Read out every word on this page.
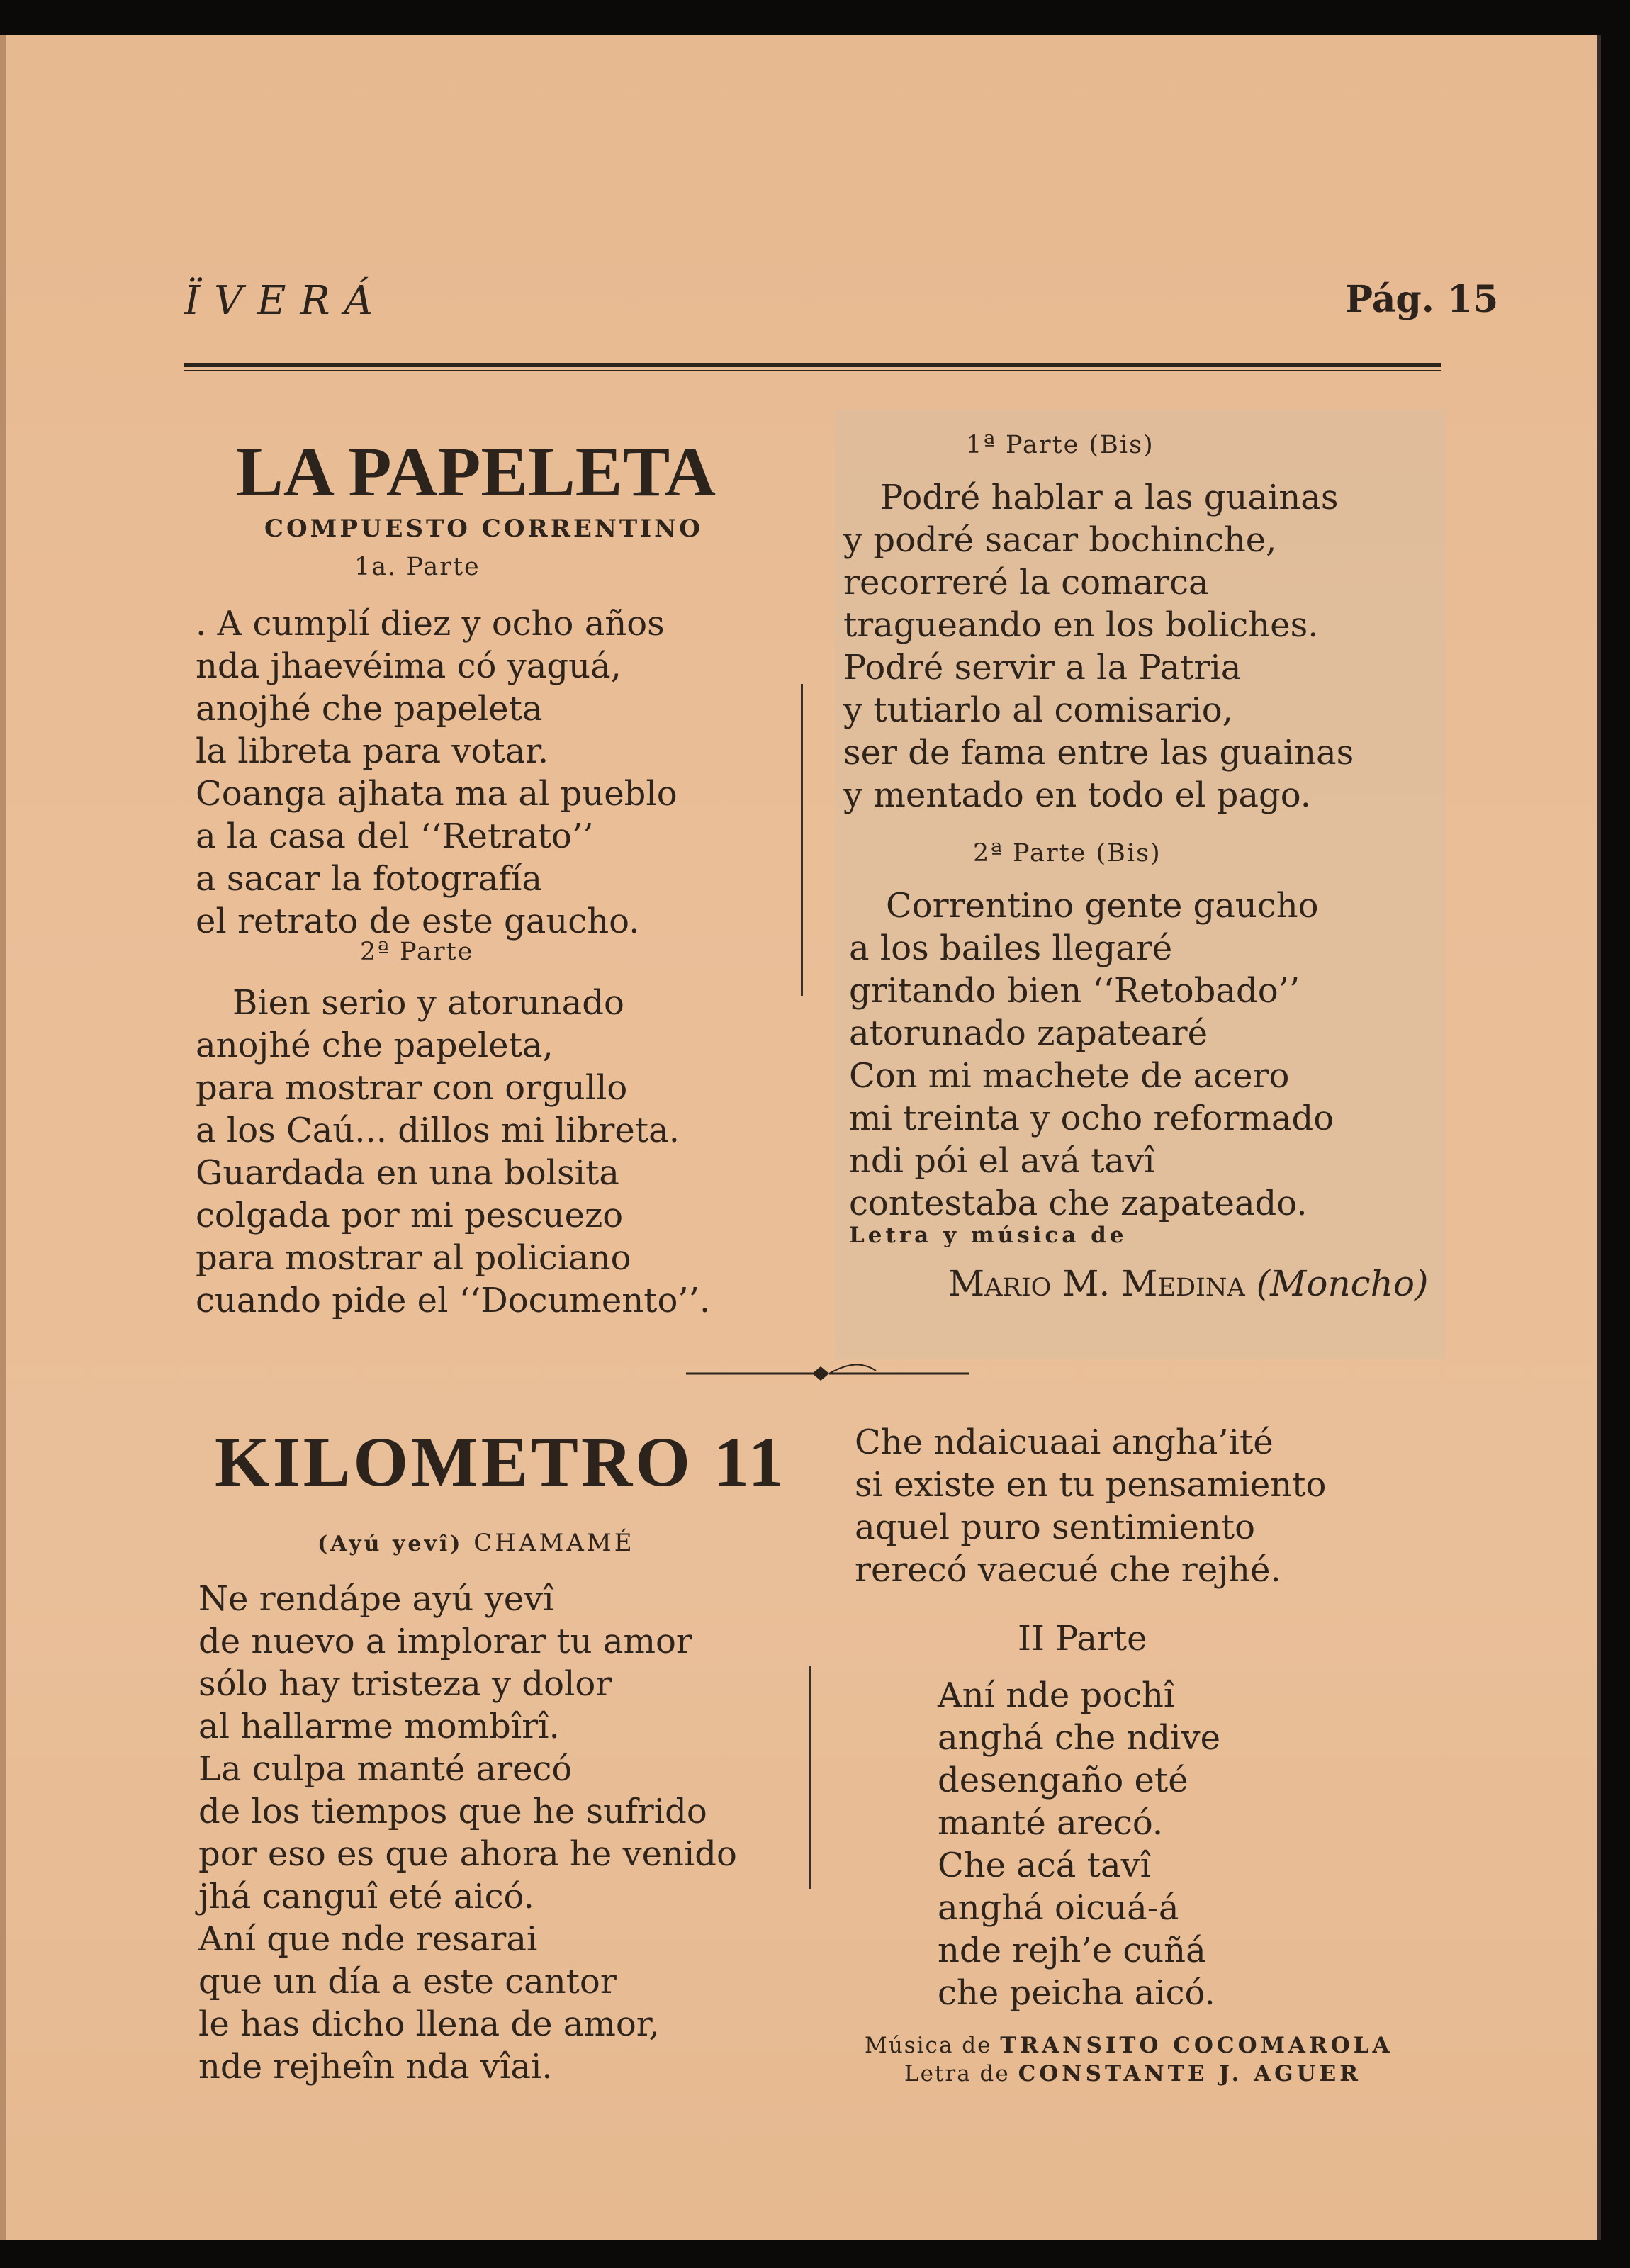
ÏVERÁ	Pág. 15
LA PAPELETA
COMPUESTO CORRENTINO
1a. Parte
. A cumplí diez y ocho años
nda jhaevéima có yaguá,
anojhé che papeleta
la libreta para votar.
Coanga ajhata ma al pueblo
a la casa del ‘‘Retrato’’
a sacar la fotografía
el retrato de este gaucho.
2ª Parte
Bien serio y atorunado
anojhé che papeleta,
para mostrar con orgullo
a los Caú... dillos mi libreta.
Guardada en una bolsita
colgada por mi pescuezo
para mostrar al policiano
cuando pide el ‘‘Documento’’.
1ª Parte (Bis)
Podré hablar a las guainas
y podré sacar bochinche,
recorreré la comarca
tragueando en los boliches.
Podré servir a la Patria
y tutiarlo al comisario,
ser de fama entre las guainas
y mentado en todo el pago.
2ª Parte (Bis)
Correntino gente gaucho
a los bailes llegaré
gritando bien ‘‘Retobado’’
atorunado zapatearé
Con mi machete de acero
mi treinta y ocho reformado
ndi pói el avá tavî
contestaba che zapateado.
Letra y música de
Mario M. Medina (Moncho)
KILOMETRO 11
(Ayú yevî) CHAMAMÉ
Ne rendápe ayú yevî
de nuevo a implorar tu amor
sólo hay tristeza y dolor
al hallarme mombîrî.
La culpa manté arecó
de los tiempos que he sufrido
por eso es que ahora he venido
jhá canguî eté aicó.
Aní que nde resarai
que un día a este cantor
le has dicho llena de amor,
nde rejheîn nda vîai.
Che ndaicuaai angha’ité
si existe en tu pensamiento
aquel puro sentimiento
rerecó vaecué che rejhé.
II Parte
Aní nde pochî
anghá che ndive
desengaño eté
manté arecó.
Che acá tavî
anghá oicuá-á
nde rejh’e cuñá
che peicha aicó.
Música de TRANSITO COCOMAROLA
Letra de CONSTANTE J. AGUER
